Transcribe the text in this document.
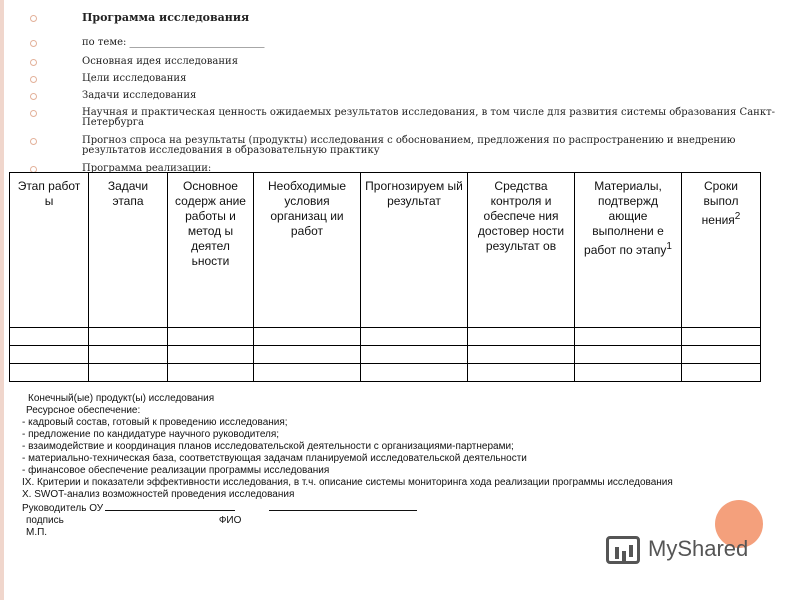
Программа исследования
по теме: ___________________________
Основная идея исследования
Цели исследования
Задачи исследования
Научная и практическая ценность ожидаемых результатов исследования, в том числе для развития системы образования Санкт-Петербурга
Прогноз спроса на результаты (продукты) исследования с обоснованием, предложения по распространению и внедрению результатов исследования в образовательную практику
Программа реализации:
Этап работ ы	Задачи этапа	Основное содерж ание работы и метод ы деятел ьности	Необходимые условия организац ии работ	Прогнозируем ый результат	Средства контроля и обеспече ния достовер ности результат ов	Материалы, подтвержд ающие выполнени е работ по этапу$^1$	Сроки выпол нения$^2$

Конечный(ые) продукт(ы) исследования
Ресурсное обеспечение:
- кадровый состав, готовый к проведению исследования;
- предложение по кандидатуре научного руководителя;
- взаимодействие и координация планов исследовательской деятельности с организациями-партнерами;
- материально-техническая база, соответствующая задачам планируемой исследовательской деятельности
- финансовое обеспечение реализации программы исследования
IX. Критерии и показатели эффективности исследования, в т.ч. описание системы мониторинга хода реализации программы исследования
X. SWOT-анализ возможностей проведения исследования
Руководитель ОУ
подпись	ФИО
М.П.
MyShared
